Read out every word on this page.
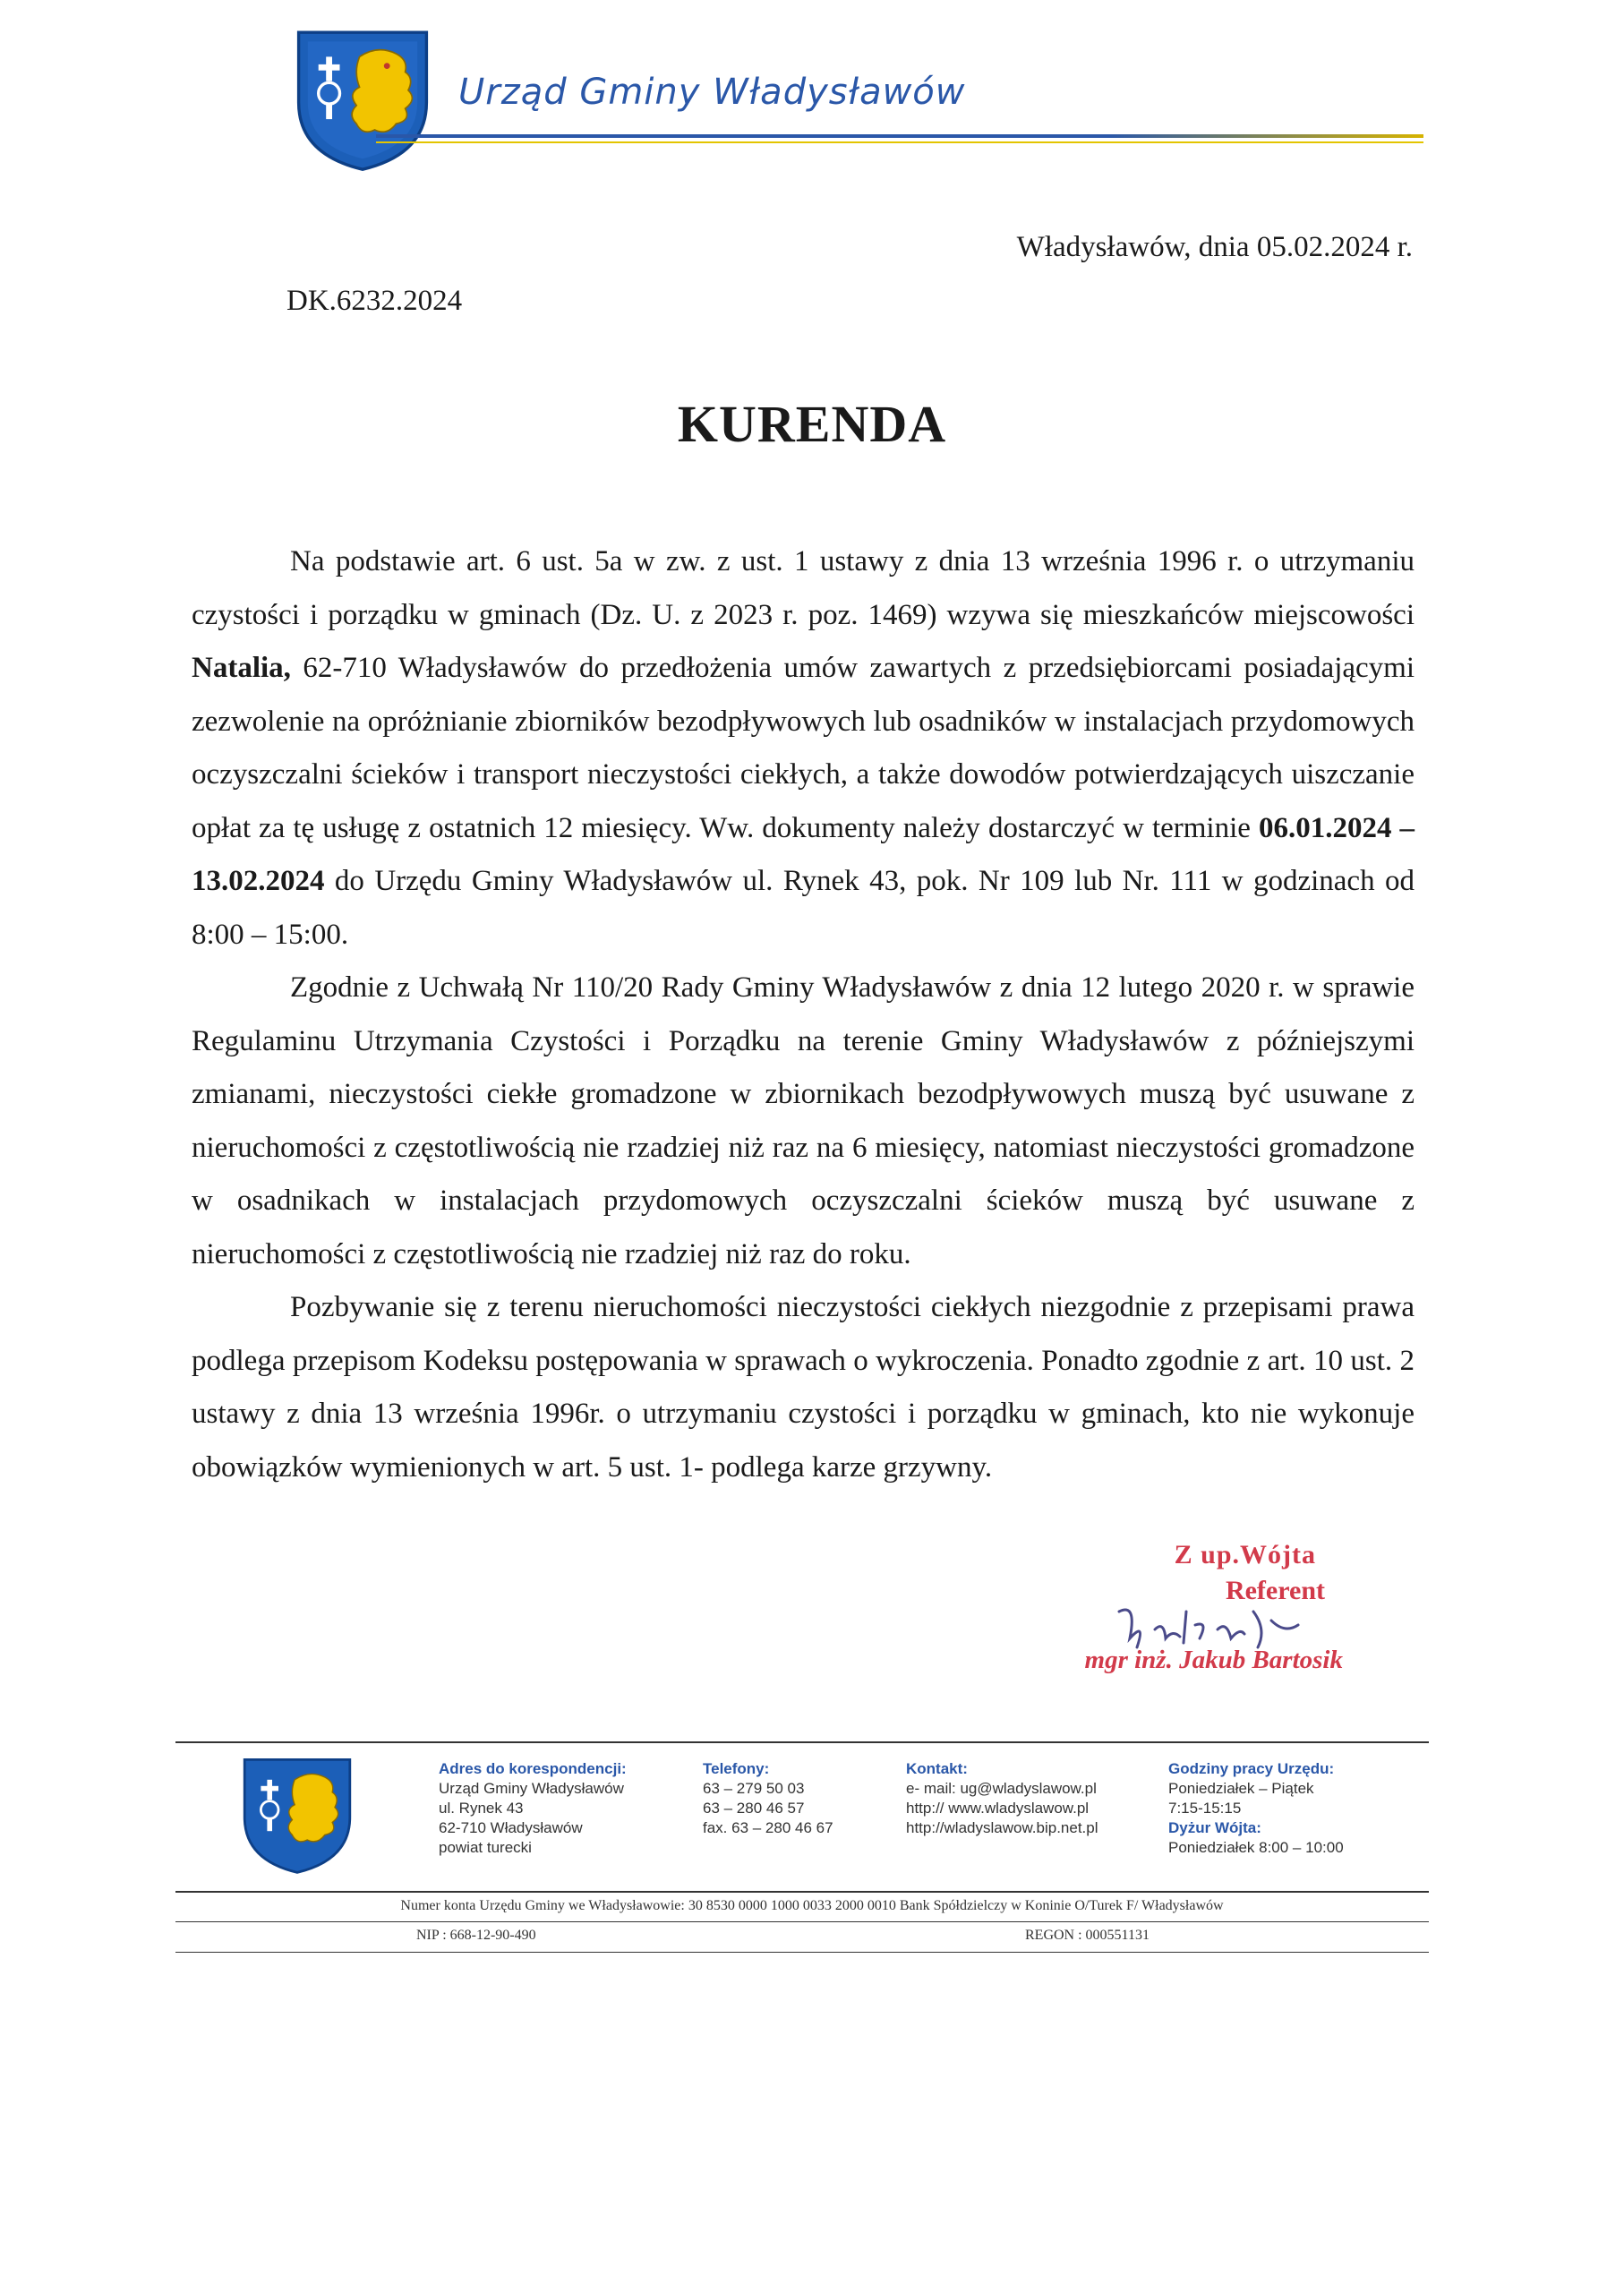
Urząd Gminy Władysławów
Władysławów, dnia 05.02.2024 r.
DK.6232.2024
KURENDA

Na podstawie art. 6 ust. 5a w zw. z ust. 1 ustawy z dnia 13 września 1996 r. o utrzymaniu czystości i porządku w gminach (Dz. U. z 2023 r. poz. 1469) wzywa się mieszkańców miejscowości Natalia, 62-710 Władysławów do przedłożenia umów zawartych z przedsiębiorcami posiadającymi zezwolenie na opróżnianie zbiorników bezodpływowych lub osadników w instalacjach przydomowych oczyszczalni ścieków i transport nieczystości ciekłych, a także dowodów potwierdzających uiszczanie opłat za tę usługę z ostatnich 12 miesięcy. Ww. dokumenty należy dostarczyć w terminie 06.01.2024 – 13.02.2024 do Urzędu Gminy Władysławów ul. Rynek 43, pok. Nr 109 lub Nr. 111 w godzinach od 8:00 – 15:00.

Zgodnie z Uchwałą Nr 110/20 Rady Gminy Władysławów z dnia 12 lutego 2020 r. w sprawie Regulaminu Utrzymania Czystości i Porządku na terenie Gminy Władysławów z późniejszymi zmianami, nieczystości ciekłe gromadzone w zbiornikach bezodpływowych muszą być usuwane z nieruchomości z częstotliwością nie rzadziej niż raz na 6 miesięcy, natomiast nieczystości gromadzone w osadnikach w instalacjach przydomowych oczyszczalni ścieków muszą być usuwane z nieruchomości z częstotliwością nie rzadziej niż raz do roku.

Pozbywanie się z terenu nieruchomości nieczystości ciekłych niezgodnie z przepisami prawa podlega przepisom Kodeksu postępowania w sprawach o wykroczenia. Ponadto zgodnie z art. 10 ust. 2 ustawy z dnia 13 września 1996r. o utrzymaniu czystości i porządku w gminach, kto nie wykonuje obowiązków wymienionych w art. 5 ust. 1- podlega karze grzywny.

Z up.Wójta
Referent
mgr inż. Jakub Bartosik
Adres do korespondencji:
Urząd Gminy Władysławów
ul. Rynek 43
62-710 Władysławów
powiat turecki
Telefony:
63 – 279 50 03
63 – 280 46 57
fax. 63 – 280 46 67
Kontakt:
e- mail: ug@wladyslawow.pl
http:// www.wladyslawow.pl
http://wladyslawow.bip.net.pl
Godziny pracy Urzędu:
Poniedziałek – Piątek
7:15-15:15
Dyżur Wójta:
Poniedziałek 8:00 – 10:00
Numer konta Urzędu Gminy we Władysławowie: 30 8530 0000 1000 0033 2000 0010 Bank Spółdzielczy w Koninie O/Turek F/ Władysławów
NIP : 668-12-90-490	REGON : 000551131
